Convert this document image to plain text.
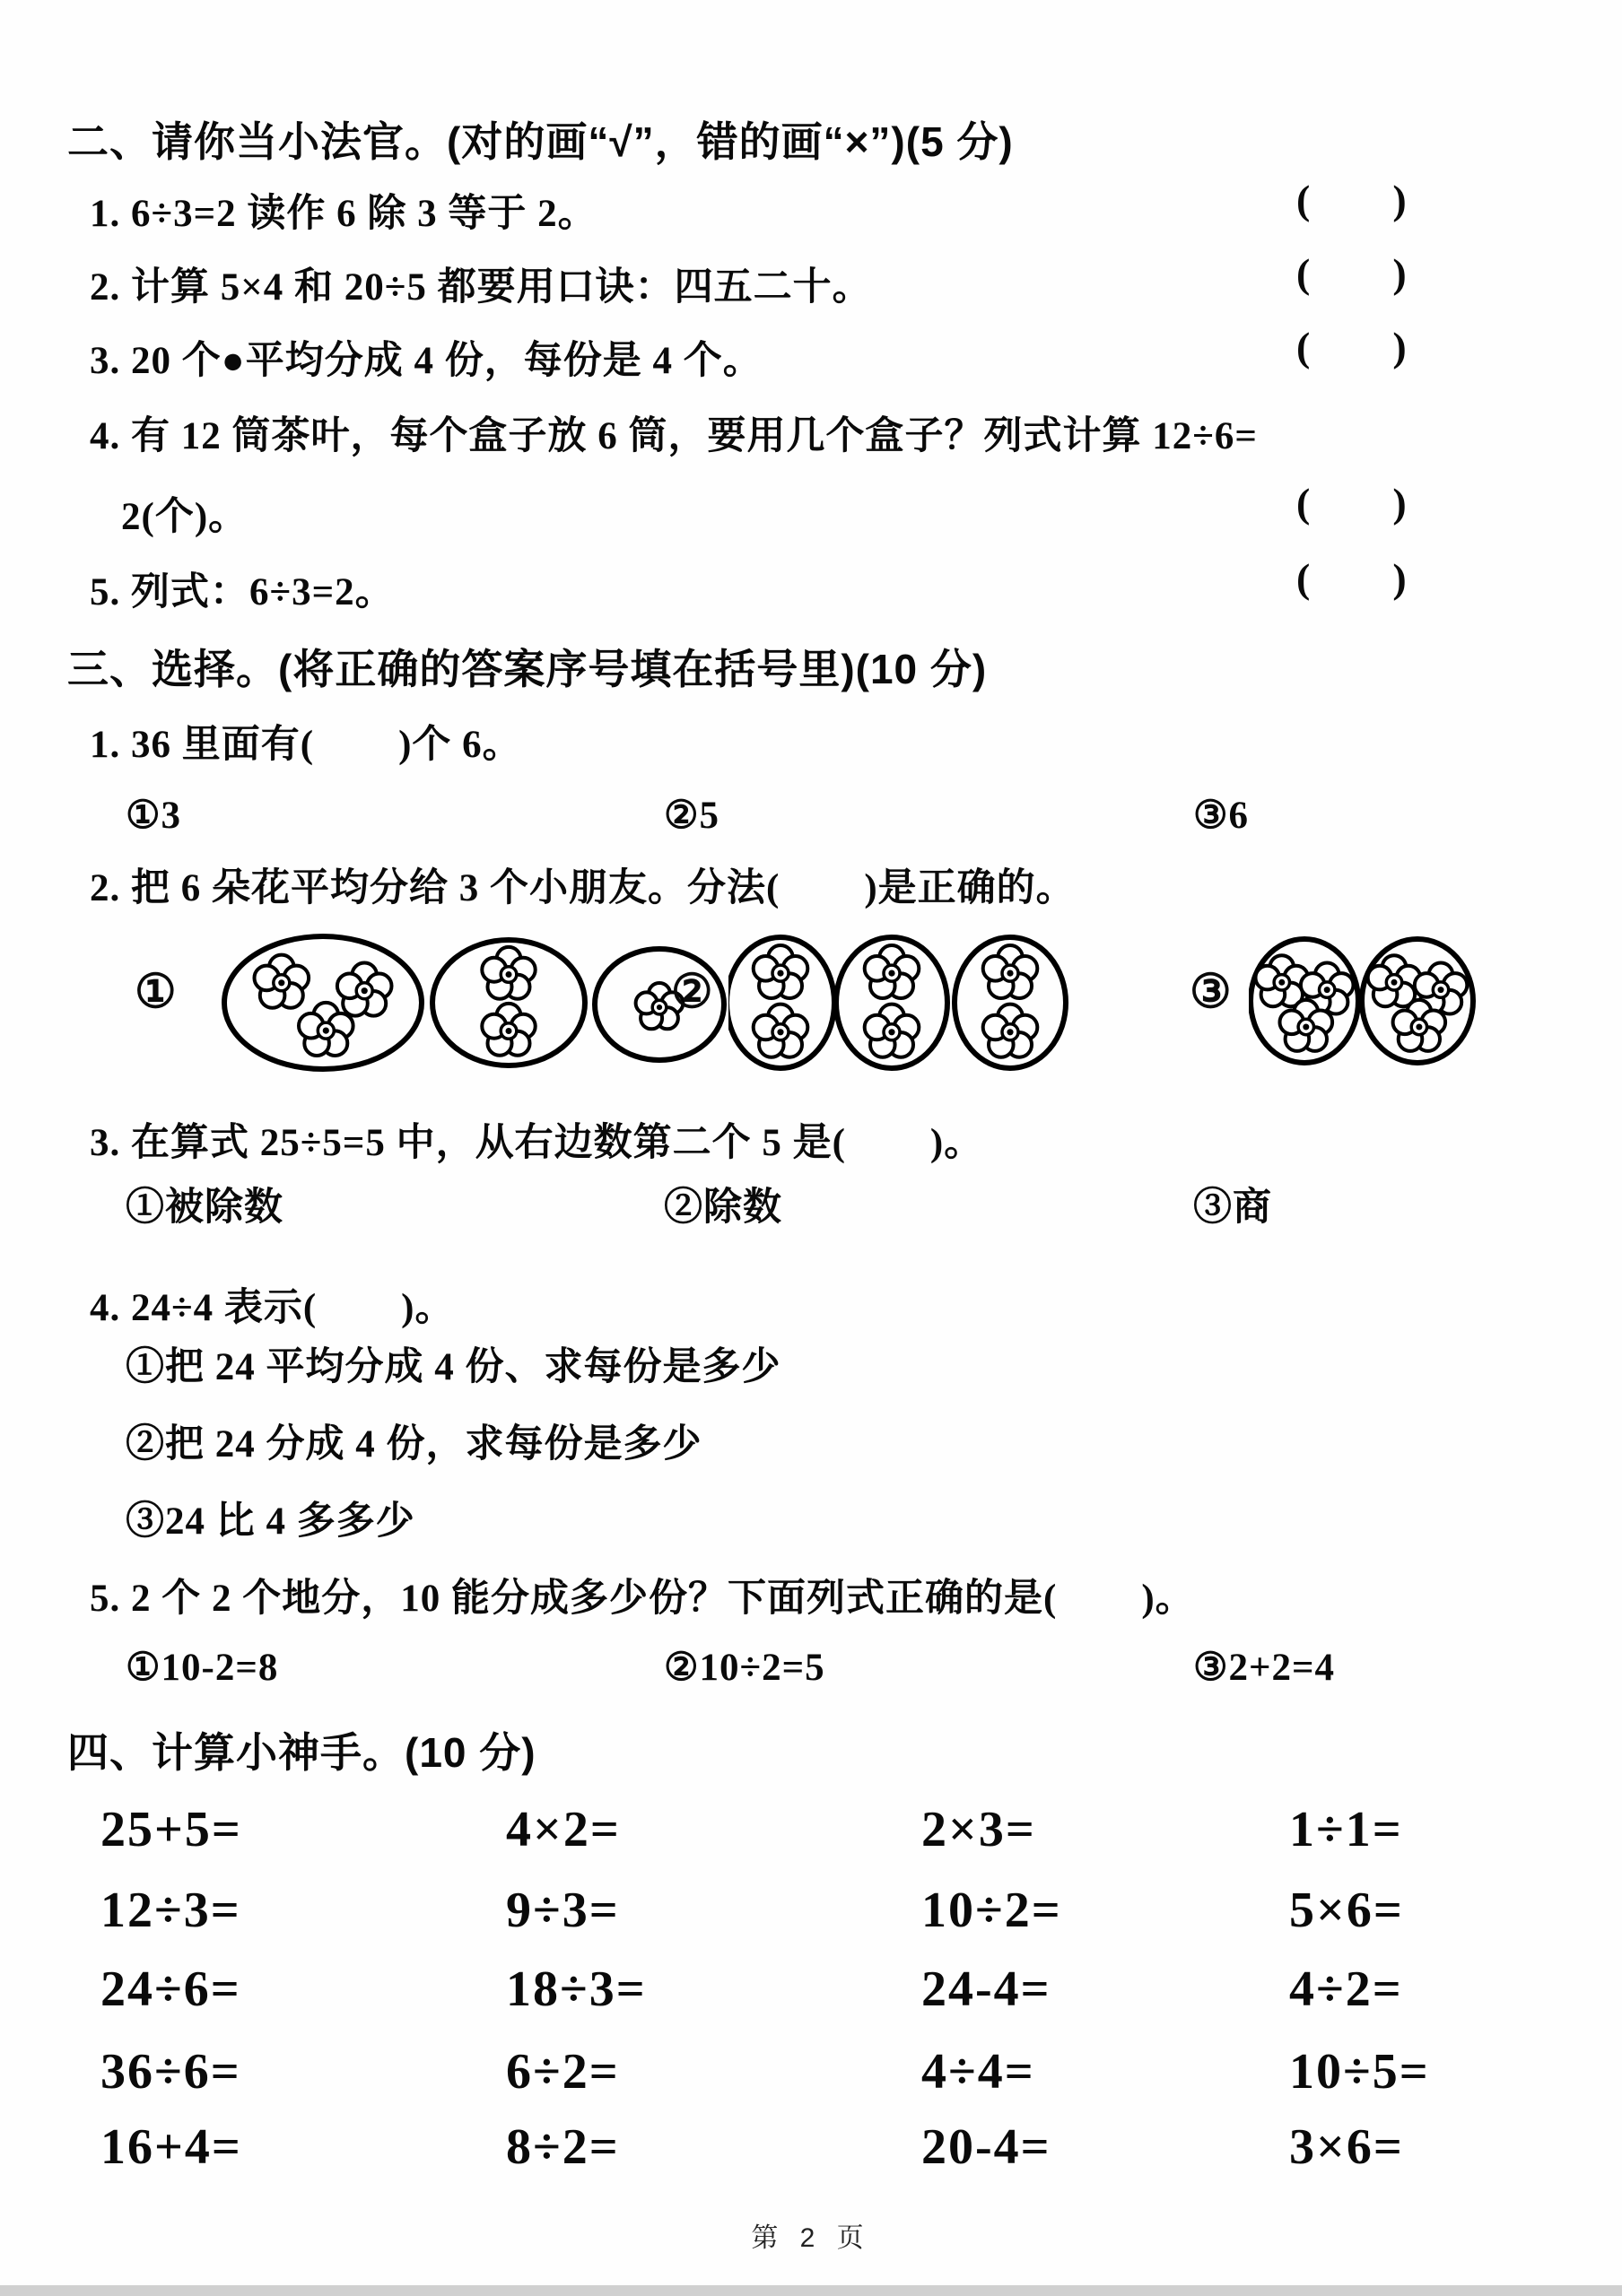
二、请你当小法官。(对的画“√”，错的画“×”)(5 分)
1. 6÷3=2 读作 6 除 3 等于 2。
2. 计算 5×4 和 20÷5 都要用口诀：四五二十。
3. 20 个●平均分成 4 份，每份是 4 个。
4. 有 12 筒茶叶，每个盒子放 6 筒，要用几个盒子？列式计算 12÷6=
2(个)。
5. 列式：6÷3=2。
(        )
(        )
(        )
(        )
(        )
三、选择。(将正确的答案序号填在括号里)(10 分)
1. 36 里面有(        )个 6。
①3	②5	③6
2. 把 6 朵花平均分给 3 个小朋友。分法(        )是正确的。
①	②	③
3. 在算式 25÷5=5 中，从右边数第二个 5 是(        )。
①被除数	②除数	③商
4. 24÷4 表示(        )。
①把 24 平均分成 4 份、求每份是多少
②把 24 分成 4 份，求每份是多少
③24 比 4 多多少
5. 2 个 2 个地分，10 能分成多少份？下面列式正确的是(        )。
①10-2=8	②10÷2=5	③2+2=4
四、计算小神手。(10 分)
25+5=	4×2=	2×3=	1÷1=
12÷3=	9÷3=	10÷2=	5×6=
24÷6=	18÷3=	24-4=	4÷2=
36÷6=	6÷2=	4÷4=	10÷5=
16+4=	8÷2=	20-4=	3×6=
第 2 页
